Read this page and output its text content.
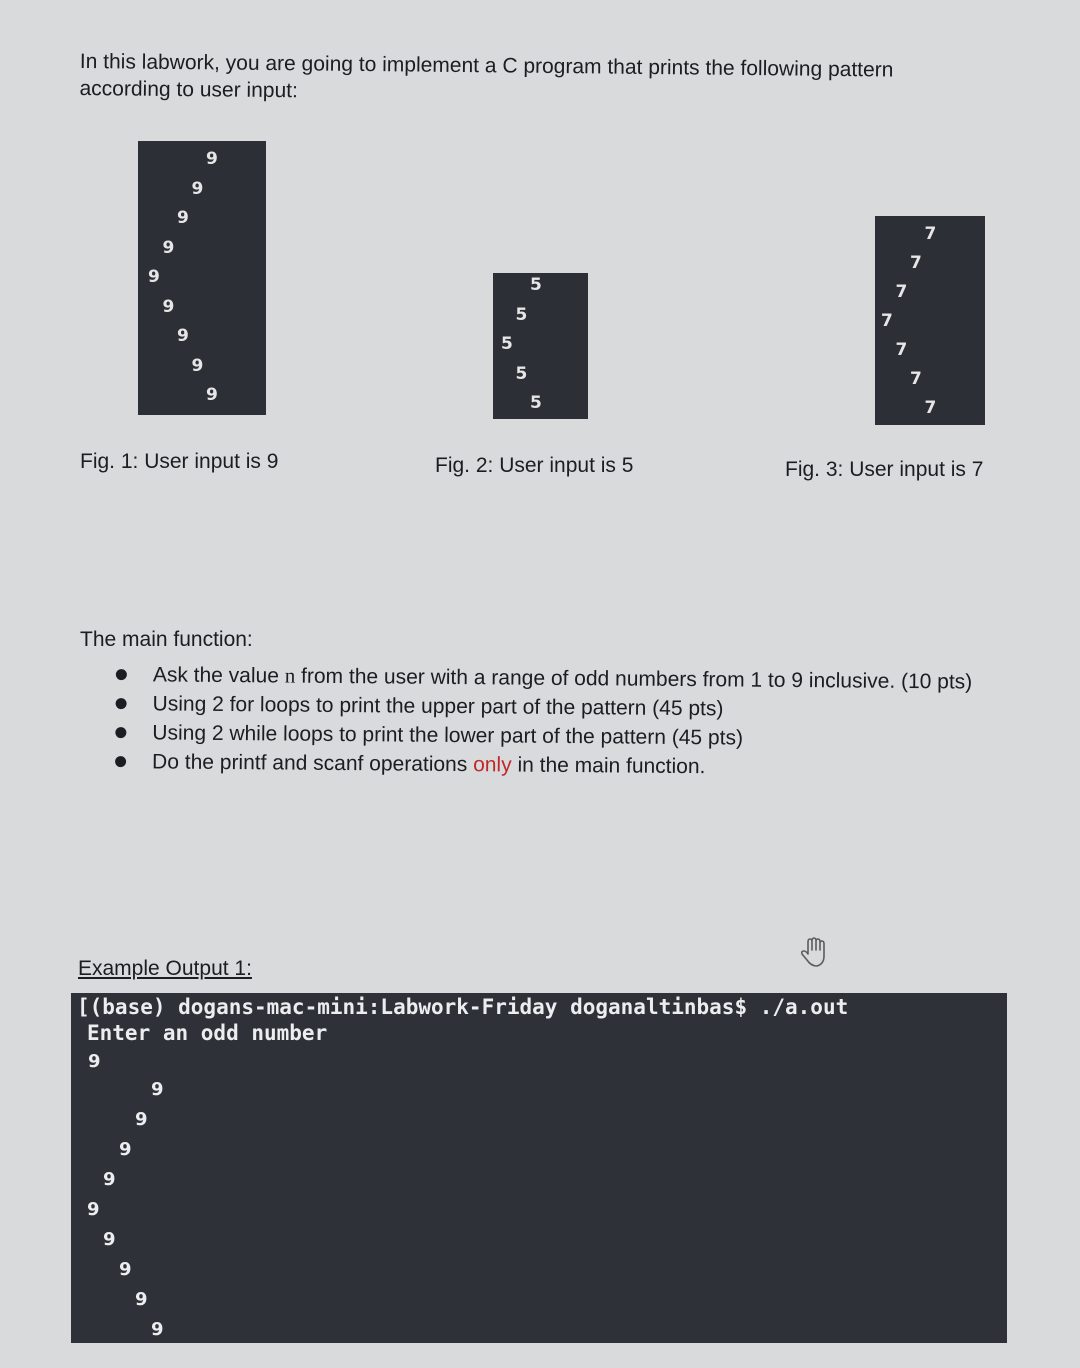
In this labwork, you are going to implement a C program that prints the following pattern according to user input:
9
9
9
9
9
9
9
9
9
Fig. 1: User input is 9
5
5
5
5
5
Fig. 2: User input is 5
7
7
7
7
7
7
7
Fig. 3: User input is 7
The main function:
Ask the value n from the user with a range of odd numbers from 1 to 9 inclusive. (10 pts)
Using 2 for loops to print the upper part of the pattern (45 pts)
Using 2 while loops to print the lower part of the pattern (45 pts)
Do the printf and scanf operations only in the main function.
Example Output 1:
[(base) dogans-mac-mini:Labwork-Friday doganaltinbas$ ./a.out
Enter an odd number
9
9
9
9
9
9
9
9
9
9
